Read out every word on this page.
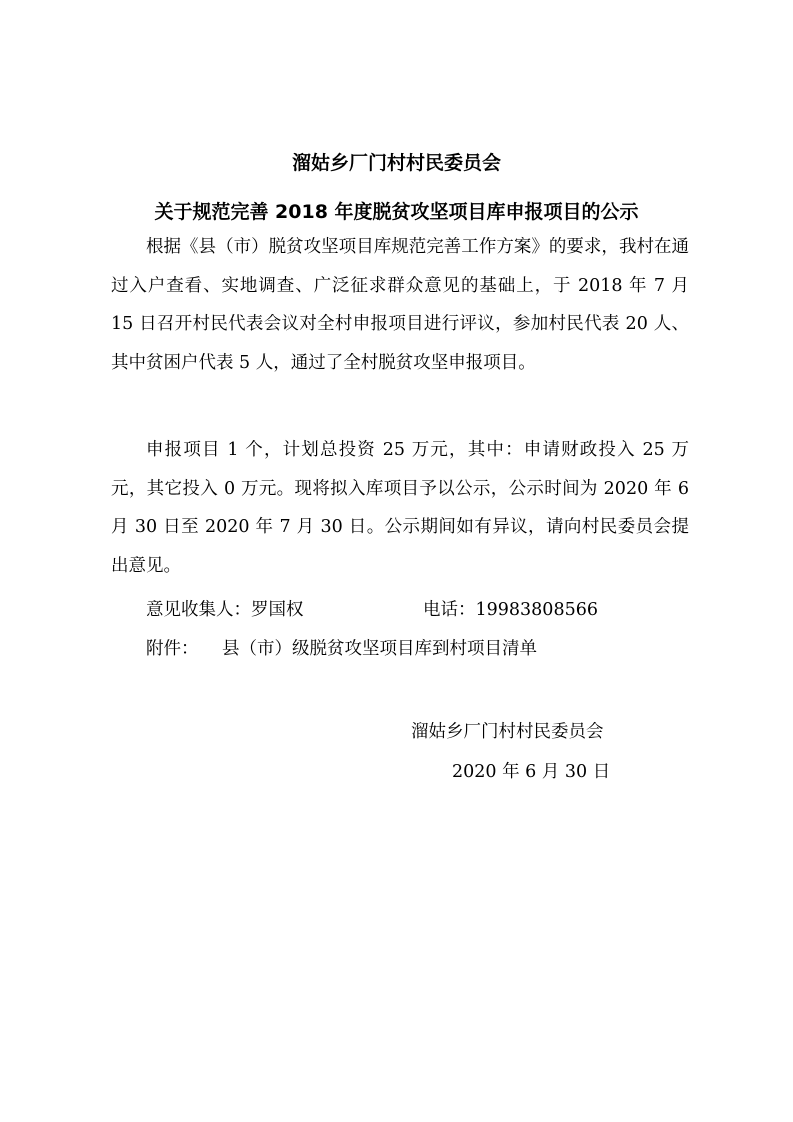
溜姑乡厂门村村民委员会
关于规范完善 2018 年度脱贫攻坚项目库申报项目的公示

根据《县（市）脱贫攻坚项目库规范完善工作方案》的要求，我村在通过入户查看、实地调查、广泛征求群众意见的基础上，于 2018 年 7 月 15 日召开村民代表会议对全村申报项目进行评议，参加村民代表 20 人、其中贫困户代表 5 人，通过了全村脱贫攻坚申报项目。

申报项目 1 个，计划总投资 25 万元，其中：申请财政投入 25 万元，其它投入 0 万元。现将拟入库项目予以公示，公示时间为 2020 年 6 月 30 日至 2020 年 7 月 30 日。公示期间如有异议，请向村民委员会提出意见。

意见收集人：罗国权	电话：19983808566
附件： 县（市）级脱贫攻坚项目库到村项目清单
溜姑乡厂门村村民委员会
2020 年 6 月 30 日
